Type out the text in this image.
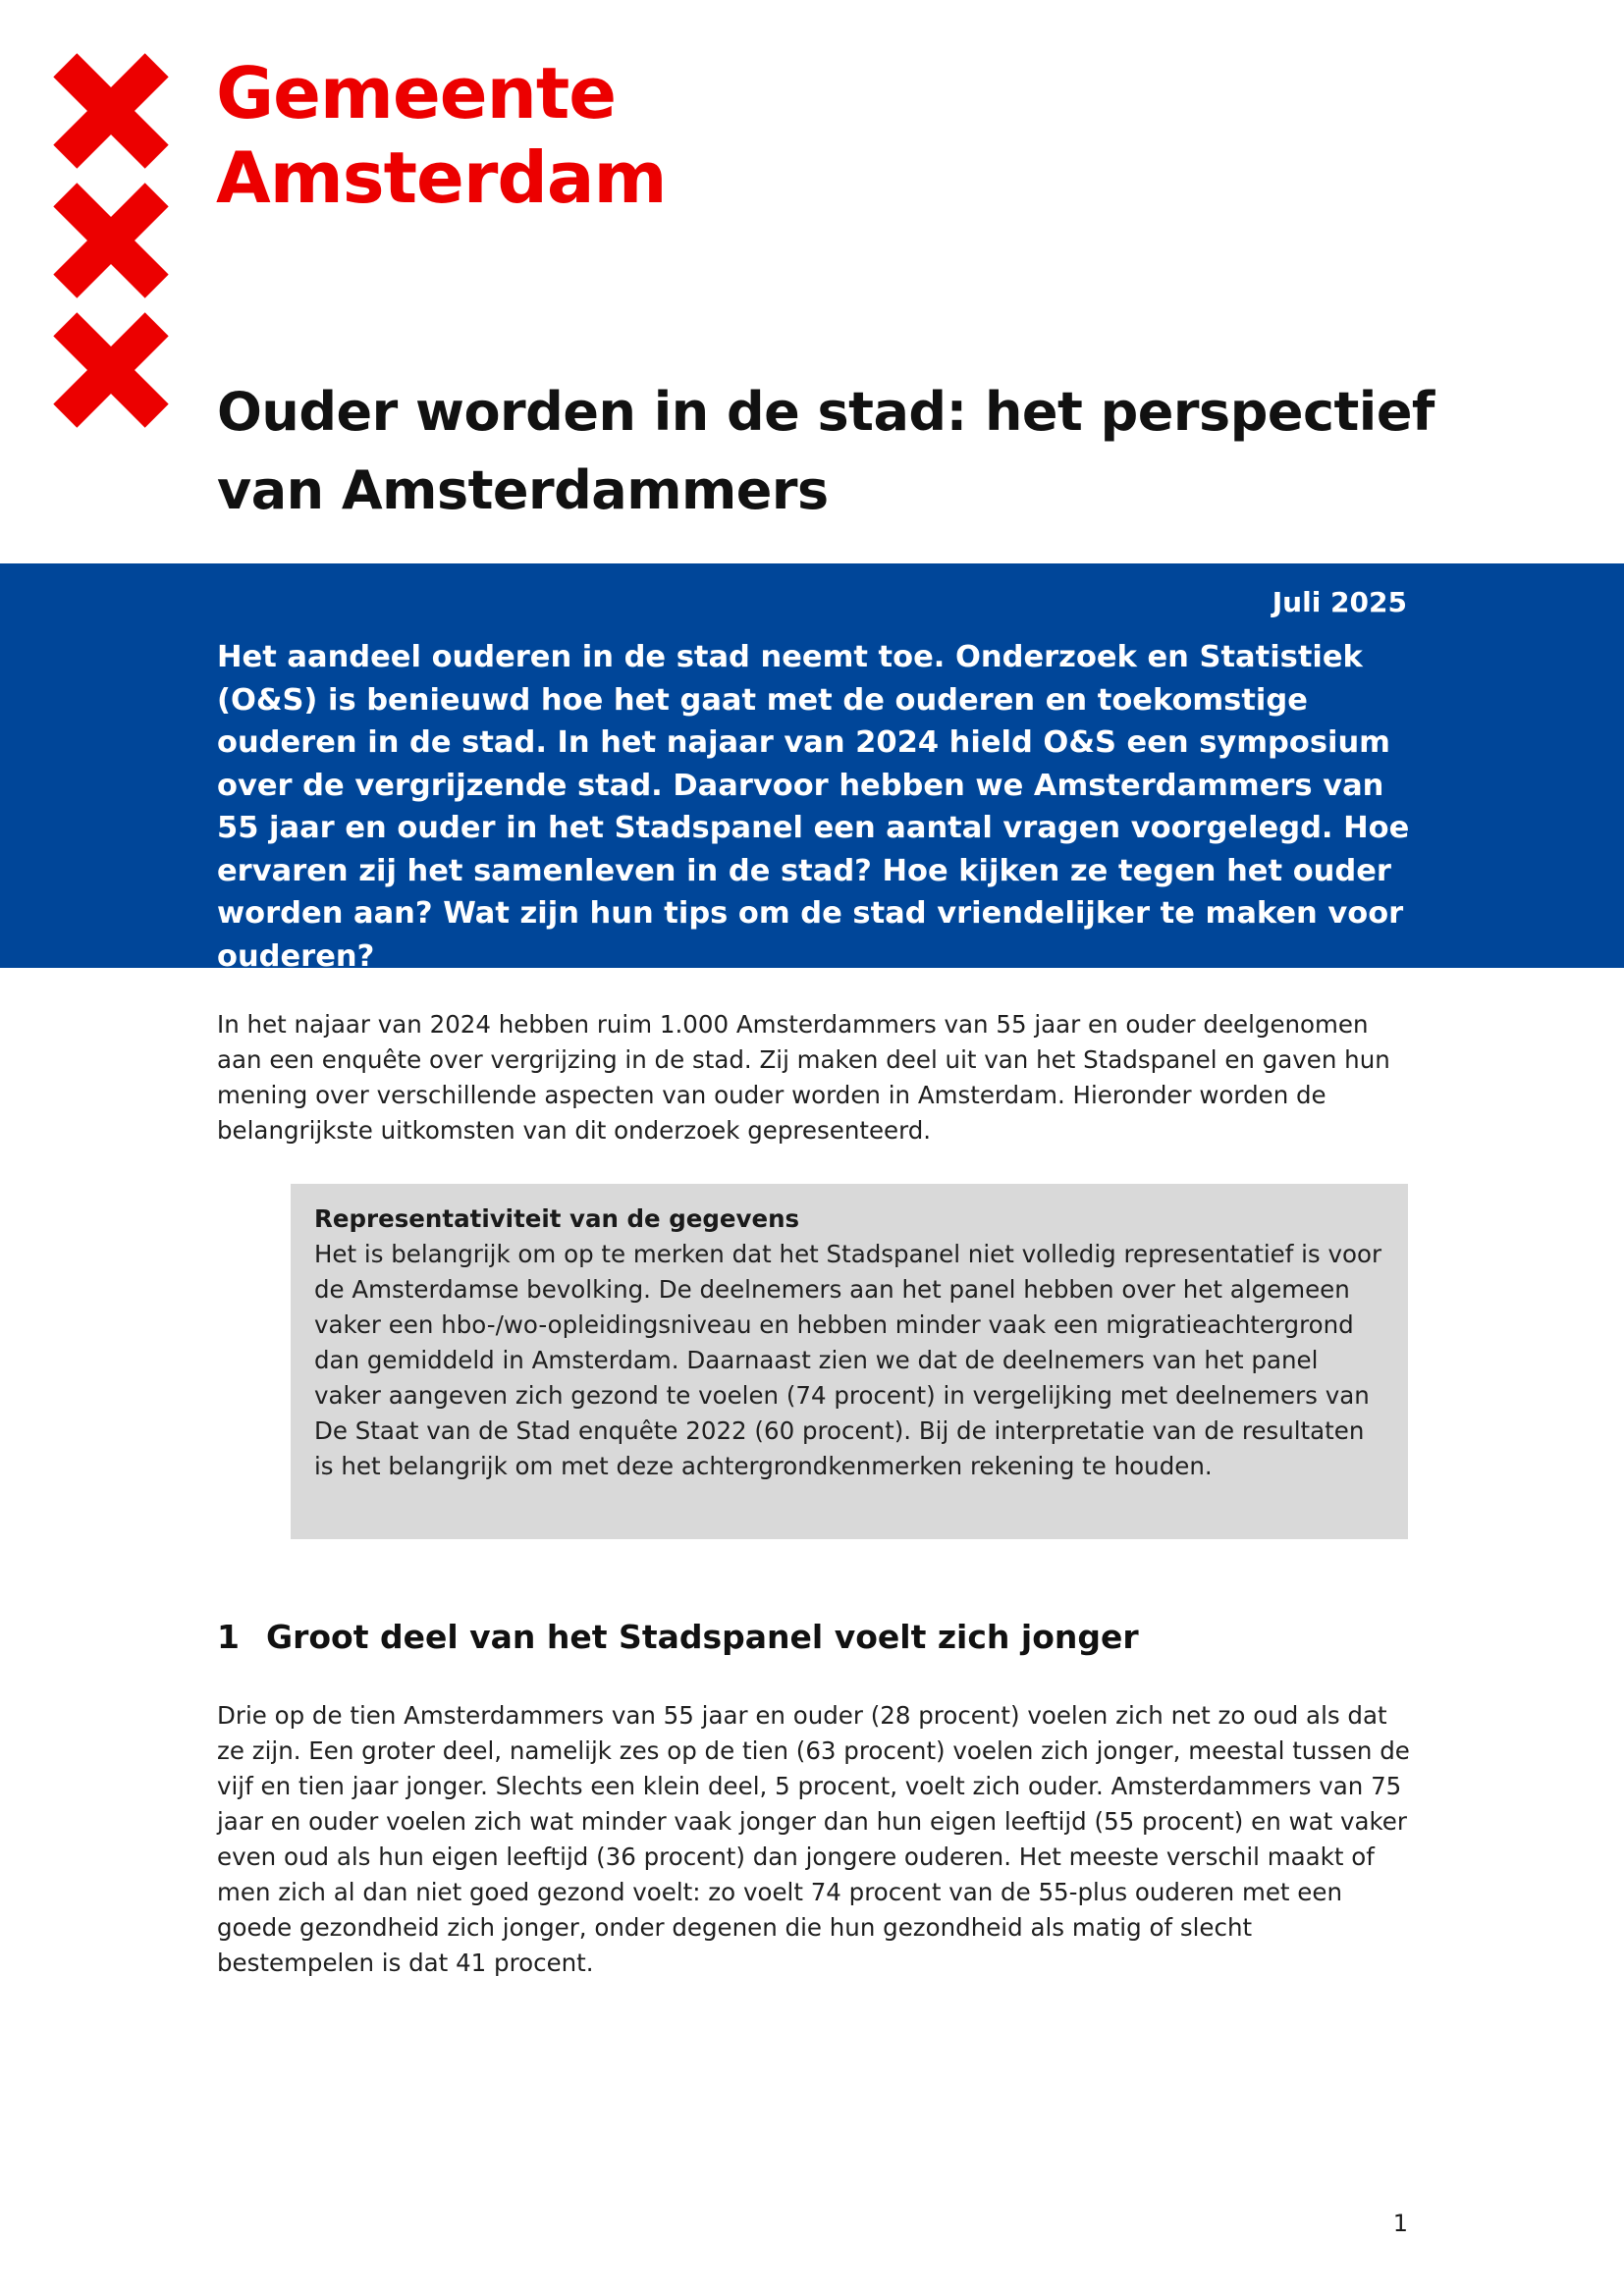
Gemeente
Amsterdam
Ouder worden in de stad: het perspectief van Amsterdammers
Juli 2025

Het aandeel ouderen in de stad neemt toe. Onderzoek en Statistiek (O&S) is benieuwd hoe het gaat met de ouderen en toekomstige ouderen in de stad. In het najaar van 2024 hield O&S een symposium over de vergrijzende stad. Daarvoor hebben we Amsterdammers van 55 jaar en ouder in het Stadspanel een aantal vragen voorgelegd. Hoe ervaren zij het samenleven in de stad? Hoe kijken ze tegen het ouder worden aan? Wat zijn hun tips om de stad vriendelijker te maken voor ouderen?

In het najaar van 2024 hebben ruim 1.000 Amsterdammers van 55 jaar en ouder deelgenomen aan een enquête over vergrijzing in de stad. Zij maken deel uit van het Stadspanel en gaven hun mening over verschillende aspecten van ouder worden in Amsterdam. Hieronder worden de belangrijkste uitkomsten van dit onderzoek gepresenteerd.

Representativiteit van de gegevens

Het is belangrijk om op te merken dat het Stadspanel niet volledig representatief is voor de Amsterdamse bevolking. De deelnemers aan het panel hebben over het algemeen vaker een hbo-/wo-opleidingsniveau en hebben minder vaak een migratieachtergrond dan gemiddeld in Amsterdam. Daarnaast zien we dat de deelnemers van het panel vaker aangeven zich gezond te voelen (74 procent) in vergelijking met deelnemers van De Staat van de Stad enquête 2022 (60 procent). Bij de interpretatie van de resultaten is het belangrijk om met deze achtergrondkenmerken rekening te houden.

1 Groot deel van het Stadspanel voelt zich jonger

Drie op de tien Amsterdammers van 55 jaar en ouder (28 procent) voelen zich net zo oud als dat ze zijn. Een groter deel, namelijk zes op de tien (63 procent) voelen zich jonger, meestal tussen de vijf en tien jaar jonger. Slechts een klein deel, 5 procent, voelt zich ouder. Amsterdammers van 75 jaar en ouder voelen zich wat minder vaak jonger dan hun eigen leeftijd (55 procent) en wat vaker even oud als hun eigen leeftijd (36 procent) dan jongere ouderen. Het meeste verschil maakt of men zich al dan niet goed gezond voelt: zo voelt 74 procent van de 55-plus ouderen met een goede gezondheid zich jonger, onder degenen die hun gezondheid als matig of slecht bestempelen is dat 41 procent.

1
